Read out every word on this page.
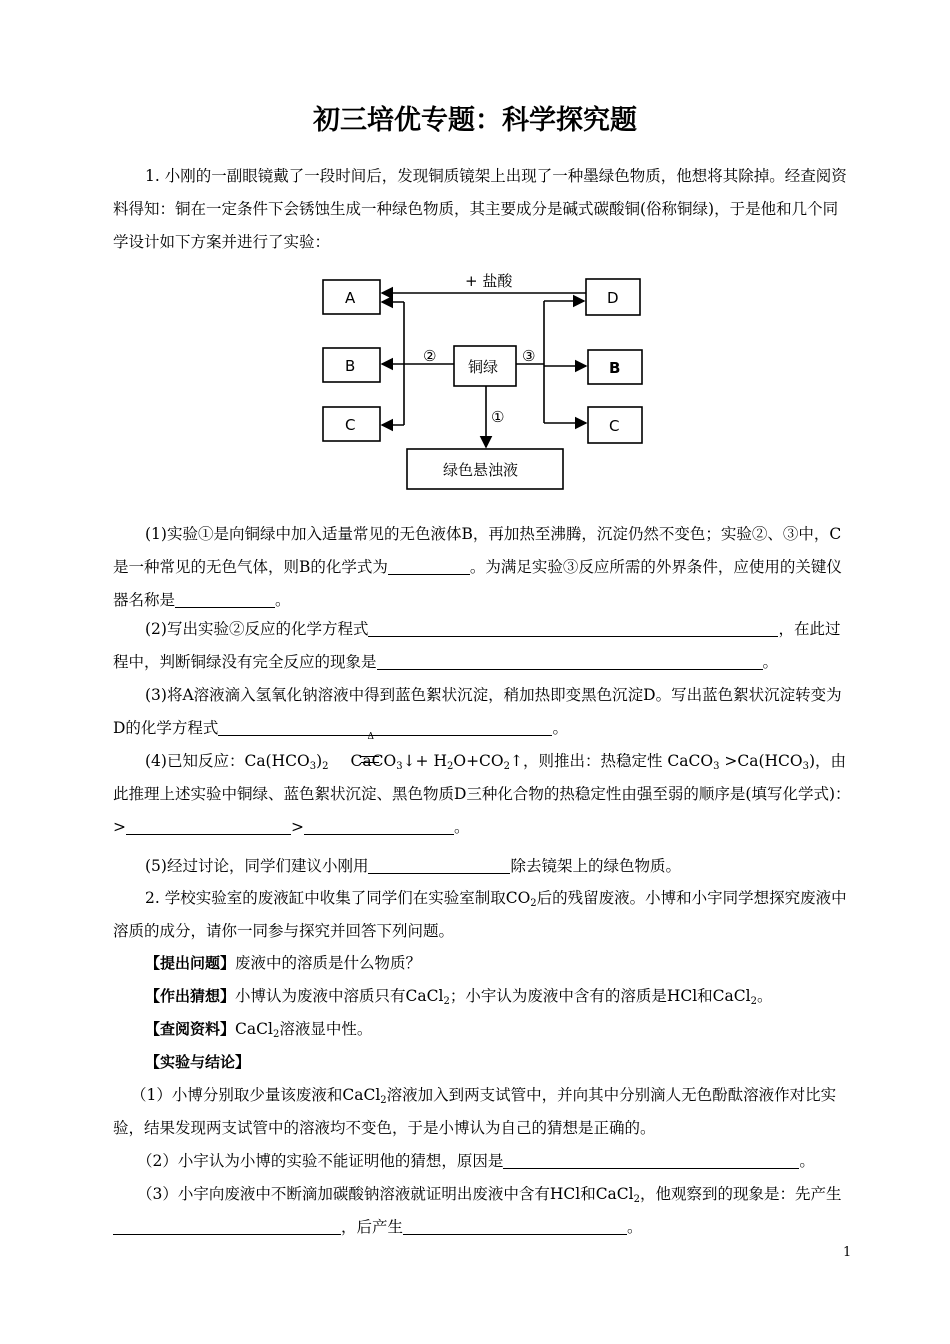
初三培优专题：科学探究题

1. 小刚的一副眼镜戴了一段时间后，发现铜质镜架上出现了一种墨绿色物质，他想将其除掉。经查阅资料得知：铜在一定条件下会锈蚀生成一种绿色物质，其主要成分是碱式碳酸铜(俗称铜绿)，于是他和几个同学设计如下方案并进行了实验：

+ 盐酸
A
B
C
铜绿
D
B
C
绿色悬浊液
②	③
①

(1)实验①是向铜绿中加入适量常见的无色液体B，再加热至沸腾，沉淀仍然不变色；实验②、③中，C是一种常见的无色气体，则B的化学式为	。为满足实验③反应所需的外界条件，应使用的关键仪器名称是	。

(2)写出实验②反应的化学方程式	，在此过程中，判断铜绿没有完全反应的现象是	。

(3)将A溶液滴入氢氧化钠溶液中得到蓝色絮状沉淀，稍加热即变黑色沉淀D。写出蓝色絮状沉淀转变为D的化学方程式	。

(4)已知反应：$Ca(HCO_3)_2$
Δ
CaCO$_3$↓+ $H_2O+CO_2↑$，则推出：热稳定性 CaCO$_3$ $>Ca(HCO_3)$，由此推理上述实验中铜绿、蓝色絮状沉淀、黑色物质D三种化合物的热稳定性由强至弱的顺序是(填写化学式)：
>	>	。

(5)经过讨论，同学们建议小刚用	除去镜架上的绿色物质。

2. 学校实验室的废液缸中收集了同学们在实验室制取$CO_2$后的残留废液。小博和小宇同学想探究废液中溶质的成分，请你一同参与探究并回答下列问题。

【提出问题】废液中的溶质是什么物质？

【作出猜想】小博认为废液中溶质只有CaCl$_2$；小宇认为废液中含有的溶质是HCl和CaCl$_2$。

【查阅资料】CaCl$_2$溶液显中性。

【实验与结论】

（1）小博分别取少量该废液和CaCl$_2$溶液加入到两支试管中，并向其中分别滴人无色酚酞溶液作对比实验，结果发现两支试管中的溶液均不变色，于是小博认为自己的猜想是正确的。

（2）小宇认为小博的实验不能证明他的猜想，原因是	。

（3）小宇向废液中不断滴加碳酸钠溶液就证明出废液中含有HCl和CaCl$_2$，他观察到的现象是：先产生，后产生	。

1
